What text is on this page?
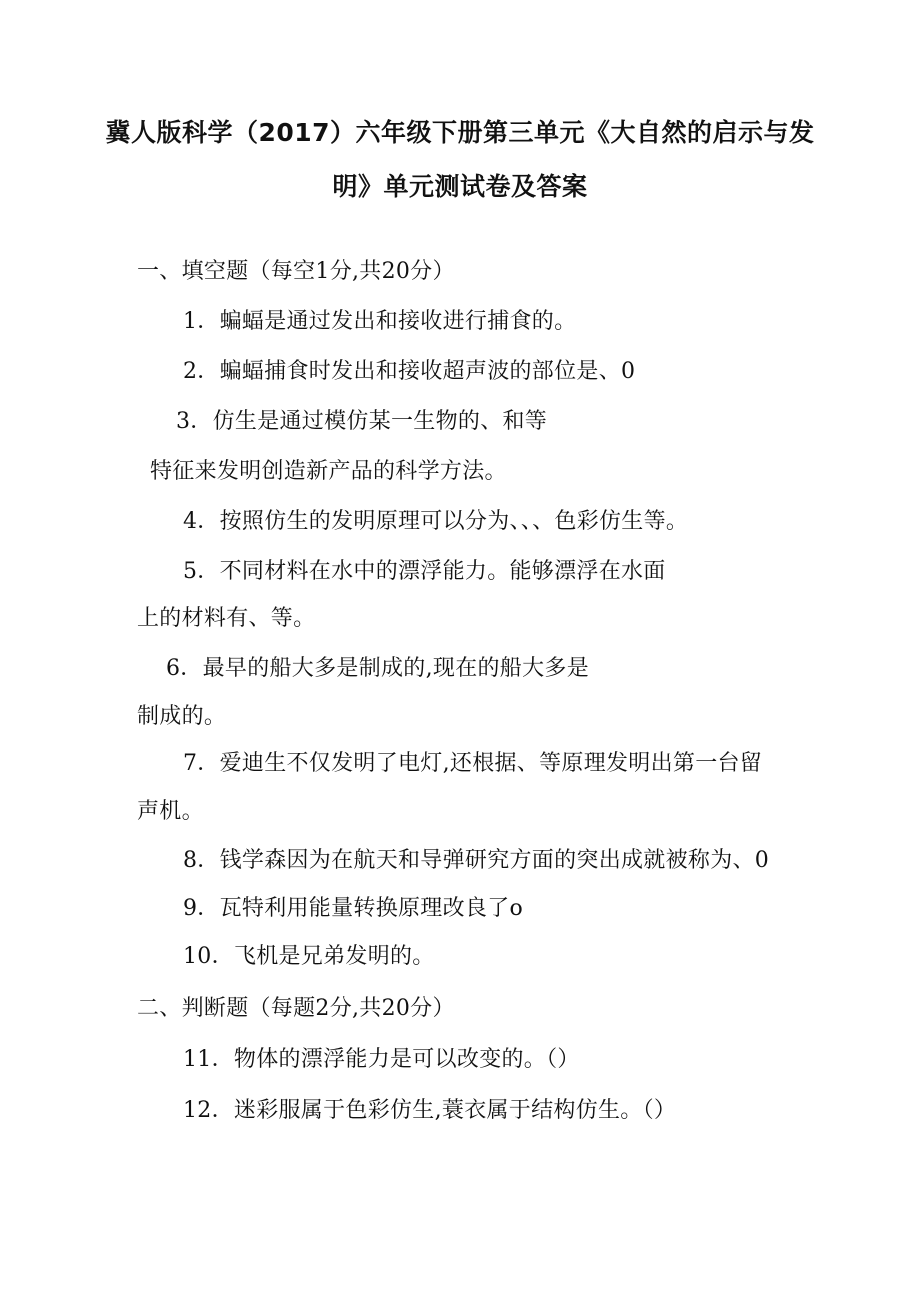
冀人版科学（2017）六年级下册第三单元《大自然的启示与发
明》单元测试卷及答案
一、填空题（每空1分,共20分）
1．蝙蝠是通过发出和接收进行捕食的。
2．蝙蝠捕食时发出和接收超声波的部位是、0
3．仿生是通过模仿某一生物的、和等
特征来发明创造新产品的科学方法。
4．按照仿生的发明原理可以分为、、、色彩仿生等。
5．不同材料在水中的漂浮能力。能够漂浮在水面
上的材料有、等。
6．最早的船大多是制成的,现在的船大多是
制成的。
7．爱迪生不仅发明了电灯,还根据、等原理发明出第一台留
声机。
8．钱学森因为在航天和导弹研究方面的突出成就被称为、0
9．瓦特利用能量转换原理改良了o
10．飞机是兄弟发明的。
二、判断题（每题2分,共20分）
11．物体的漂浮能力是可以改变的。（）
12．迷彩服属于色彩仿生,蓑衣属于结构仿生。（）
